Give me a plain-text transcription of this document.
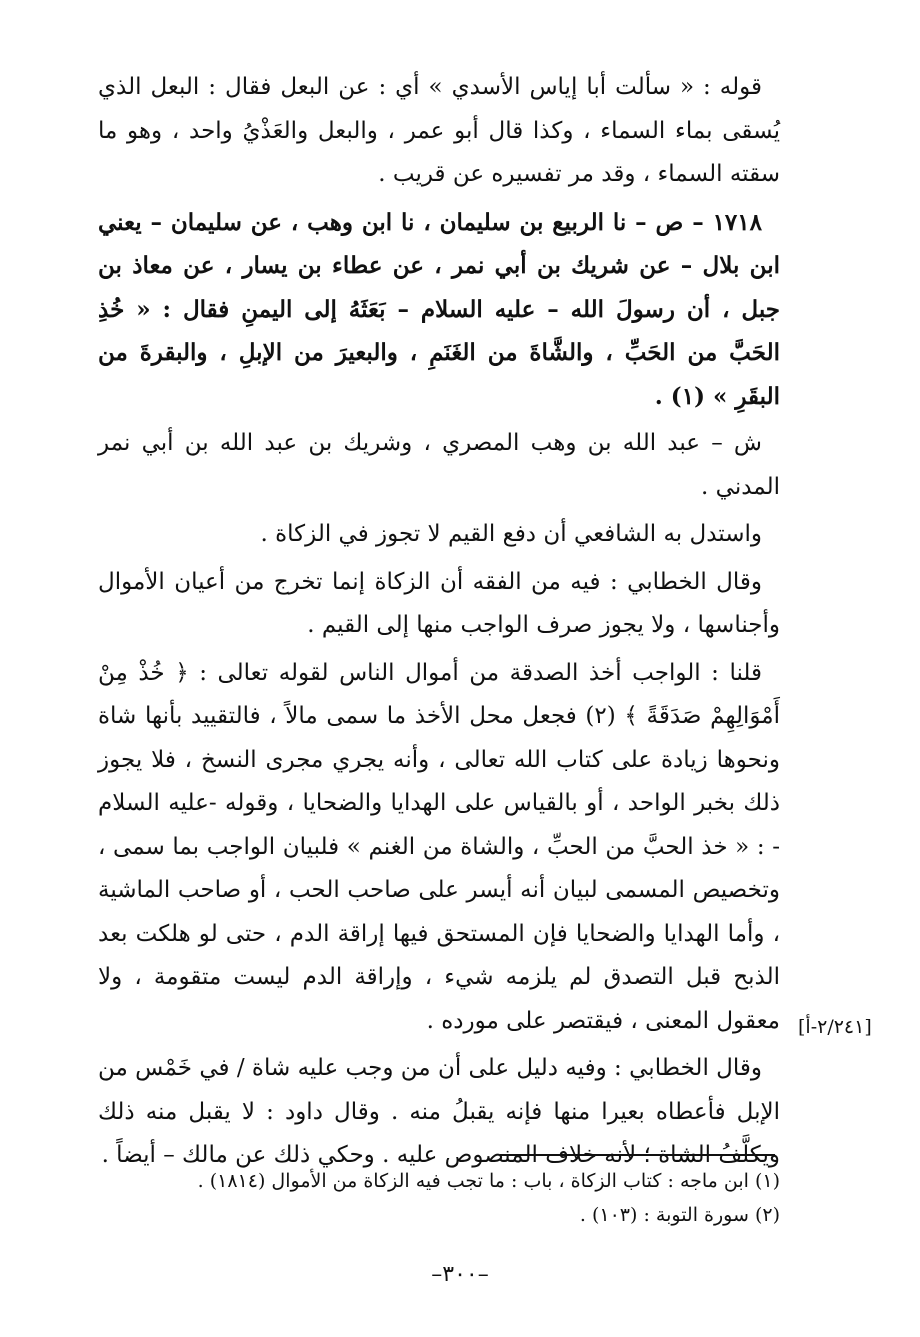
قوله : « سألت أبا إياس الأسدي » أي : عن البعل فقال : البعل الذي يُسقى بماء السماء ، وكذا قال أبو عمر ، والبعل والعَذْيُ واحد ، وهو ما سقته السماء ، وقد مر تفسيره عن قريب .

١٧١٨ – ص – نا الربيع بن سليمان ، نا ابن وهب ، عن سليمان – يعني ابن بلال – عن شريك بن أبي نمر ، عن عطاء بن يسار ، عن معاذ بن جبل ، أن رسولَ الله – عليه السلام – بَعَثَهُ إلى اليمنِ فقال : « خُذِ الحَبَّ من الحَبِّ ، والشَّاةَ من الغَنَمِ ، والبعيرَ من الإبلِ ، والبقرةَ من البقَرِ » (١) .

ش – عبد الله بن وهب المصري ، وشريك بن عبد الله بن أبي نمر المدني .

واستدل به الشافعي أن دفع القيم لا تجوز في الزكاة .

وقال الخطابي : فيه من الفقه أن الزكاة إنما تخرج من أعيان الأموال وأجناسها ، ولا يجوز صرف الواجب منها إلى القيم .

قلنا : الواجب أخذ الصدقة من أموال الناس لقوله تعالى : ﴿ خُذْ مِنْ أَمْوَالِهِمْ صَدَقَةً ﴾ (٢) فجعل محل الأخذ ما سمى مالاً ، فالتقييد بأنها شاة ونحوها زيادة على كتاب الله تعالى ، وأنه يجري مجرى النسخ ، فلا يجوز ذلك بخبر الواحد ، أو بالقياس على الهدايا والضحايا ، وقوله -عليه السلام - : « خذ الحبَّ من الحبِّ ، والشاة من الغنم » فلبيان الواجب بما سمى ، وتخصيص المسمى لبيان أنه أيسر على صاحب الحب ، أو صاحب الماشية ، وأما الهدايا والضحايا فإن المستحق فيها إراقة الدم ، حتى لو هلكت بعد الذبح قبل التصدق لم يلزمه شيء ، وإراقة الدم ليست متقومة ، ولا معقول المعنى ، فيقتصر على مورده .

وقال الخطابي : وفيه دليل على أن من وجب عليه شاة / في خَمْس من الإبل فأعطاه بعيرا منها فإنه يقبلُ منه . وقال داود : لا يقبل منه ذلك ويكلَّفُ الشاة ؛ لأنه خلاف المنصوص عليه . وحكي ذلك عن مالك – أيضاً .

[٢/٢٤١-أ]

(١) ابن ماجه : كتاب الزكاة ، باب : ما تجب فيه الزكاة من الأموال (١٨١٤) .

(٢) سورة التوبة : (١٠٣) .

–٣٠٠–
